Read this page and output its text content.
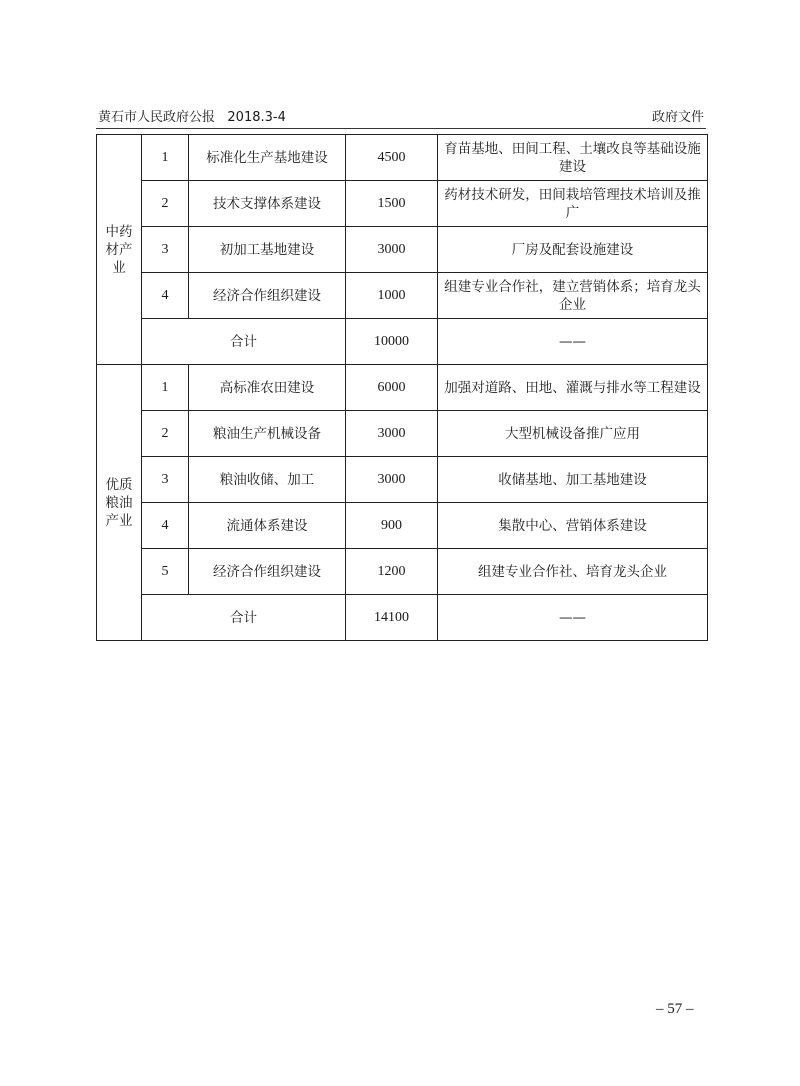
黄石市人民政府公报   2018.3-4	政府文件
中药材产业	1	标准化生产基地建设	4500	育苗基地、田间工程、土壤改良等基础设施建设
	2	技术支撑体系建设	1500	药材技术研发，田间栽培管理技术培训及推广
	3	初加工基地建设	3000	厂房及配套设施建设
	4	经济合作组织建设	1000	组建专业合作社，建立营销体系；培育龙头企业
	合计		10000	——
优质粮油产业	1	高标准农田建设	6000	加强对道路、田地、灌溉与排水等工程建设
	2	粮油生产机械设备	3000	大型机械设备推广应用
	3	粮油收储、加工	3000	收储基地、加工基地建设
	4	流通体系建设	900	集散中心、营销体系建设
	5	经济合作组织建设	1200	组建专业合作社、培育龙头企业
	合计		14100	——
– 57 –
